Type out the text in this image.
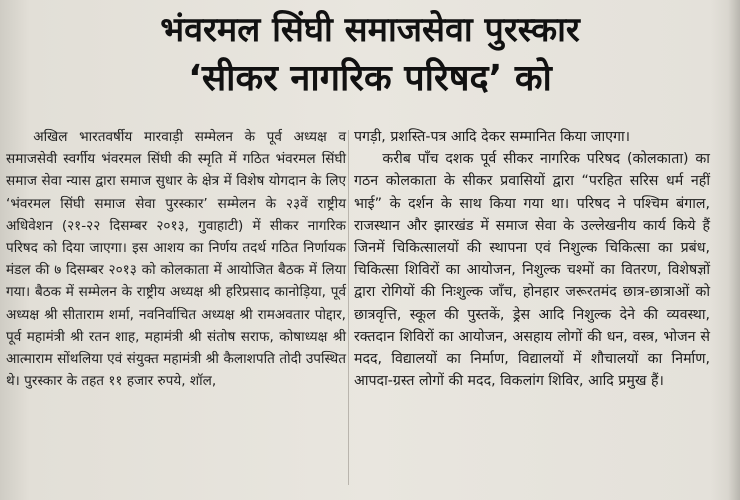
भंवरमल सिंघी समाजसेवा पुरस्कार
‘सीकर नागरिक परिषद’ को

अखिल भारतवर्षीय मारवाड़ी सम्मेलन के पूर्व अध्यक्ष व समाजसेवी स्वर्गीय भंवरमल सिंघी की स्मृति में गठित भंवरमल सिंघी समाज सेवा न्यास द्वारा समाज सुधार के क्षेत्र में विशेष योगदान के लिए ‘भंवरमल सिंघी समाज सेवा पुरस्कार’ सम्मेलन के २३वें राष्ट्रीय अधिवेशन (२१-२२ दिसम्बर २०१३, गुवाहाटी) में सीकर नागरिक परिषद को दिया जाएगा। इस आशय का निर्णय तदर्थ गठित निर्णायक मंडल की ७ दिसम्बर २०१३ को कोलकाता में आयोजित बैठक में लिया गया। बैठक में सम्मेलन के राष्ट्रीय अध्यक्ष श्री हरिप्रसाद कानोड़िया, पूर्व अध्यक्ष श्री सीताराम शर्मा, नवनिर्वाचित अध्यक्ष श्री रामअवतार पोद्दार, पूर्व महामंत्री श्री रतन शाह, महामंत्री श्री संतोष सराफ, कोषाध्यक्ष श्री आत्माराम सोंथलिया एवं संयुक्त महामंत्री श्री कैलाशपति तोदी उपस्थित थे। पुरस्कार के तहत ११ हजार रुपये, शॉल,

पगड़ी, प्रशस्ति-पत्र आदि देकर सम्मानित किया जाएगा।

करीब पाँच दशक पूर्व सीकर नागरिक परिषद (कोलकाता) का गठन कोलकाता के सीकर प्रवासियों द्वारा “परहित सरिस धर्म नहीं भाई” के दर्शन के साथ किया गया था। परिषद ने पश्चिम बंगाल, राजस्थान और झारखंड में समाज सेवा के उल्लेखनीय कार्य किये हैं जिनमें चिकित्सालयों की स्थापना एवं निशुल्क चिकित्सा का प्रबंध, चिकित्सा शिविरों का आयोजन, निशुल्क चश्मों का वितरण, विशेषज्ञों द्वारा रोगियों की निःशुल्क जाँच, होनहार जरूरतमंद छात्र-छात्राओं को छात्रवृत्ति, स्कूल की पुस्तकें, ड्रेस आदि निशुल्क देने की व्यवस्था, रक्तदान शिविरों का आयोजन, असहाय लोगों की धन, वस्त्र, भोजन से मदद, विद्यालयों का निर्माण, विद्यालयों में शौचालयों का निर्माण, आपदा-ग्रस्त लोगों की मदद, विकलांग शिविर, आदि प्रमुख हैं।
